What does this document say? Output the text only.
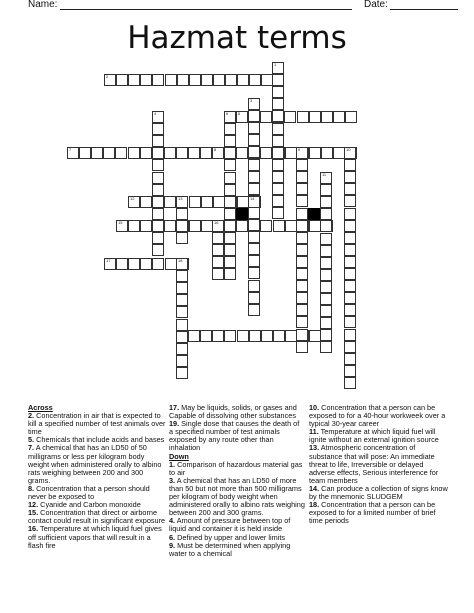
Name:	Date:
Hazmat terms
2
5
7	8
12
15	16
17
1
3
4	6
9	10
11
13
18
14
Across
2. Concentration in air that is expected to kill a specified number of test animals over time
5. Chemicals that include acids and bases
7. A chemical that has an LD50 of 50 milligrams or less per kilogram body weight when administered orally to albino rats weighing between 200 and 300 grams.
8. Concentration that a person should never be exposed to
12. Cyanide and Carbon monoxide
15. Concentration that direct or airborne contact could result in significant exposure
16. Temperature at which liquid fuel gives off sufficient vapors that will result in a flash fire
17. May be liquids, solids, or gases and Capable of dissolving other substances
19. Single dose that causes the death of a specified number of test animals exposed by any route other than inhalation
Down
1. Comparison of hazardous material gas to air
3. A chemical that has an LD50 of more than 50 but not more than 500 milligrams per kilogram of body weight when administered orally to albino rats weighing between 200 and 300 grams.
4. Amount of pressure between top of liquid and container it is held inside
6. Defined by upper and lower limits
9. Must be determined when applying water to a chemical
10. Concentration that a person can be exposed to for a 40-hour workweek over a typical 30-year career
11. Temperature at which liquid fuel will ignite without an external ignition source
13. Atmospheric concentration of substance that will pose: An immediate threat to life, Irreversible or delayed adverse effects, Serious interference for team members
14. Can produce a collection of signs know by the mnemonic SLUDGEM
18. Concentration that a person can be exposed to for a limited number of brief time periods
